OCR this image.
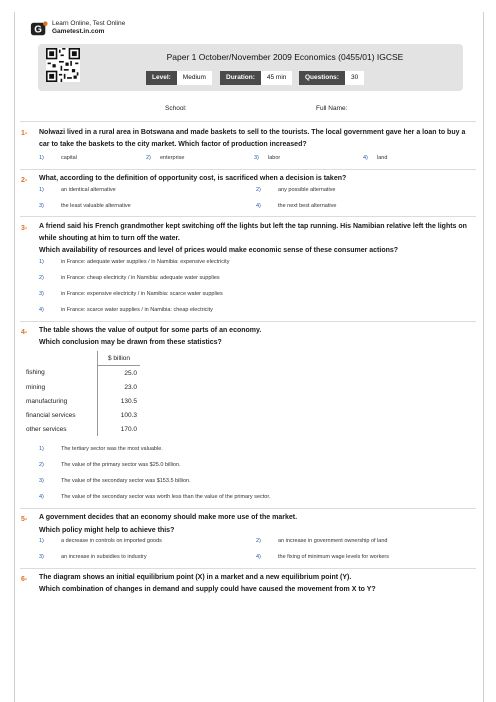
G
Learn Online, Test Online
Gametest.in.com
Paper 1 October/November 2009 Economics (0455/01) IGCSE
Level:	Medium	Duration:	45 min	Questions:	30
School:	Full Name:
1- Nolwazi lived in a rural area in Botswana and made baskets to sell to the tourists. The local government gave her a loan to buy a car to take the baskets to the city market. Which factor of production increased?
1)	capital	2) enterprise	3) labor	4) land
2- What, according to the definition of opportunity cost, is sacrificed when a decision is taken?
1)	an identical alternative	2)	any possible alternative
3)	the least valuable alternative	4)	the next best alternative
3- A friend said his French grandmother kept switching off the lights but left the tap running. His Namibian relative left the lights on while shouting at him to turn off the water.
Which availability of resources and level of prices would make economic sense of these consumer actions?
1)	in France: adequate water supplies / in Namibia: expensive electricity
2)	in France: cheap electricity / in Namibia: adequate water supplies
3)	in France: expensive electricity / in Namibia: scarce water supplies
4)	in France: scarce water supplies / in Namibia: cheap electricity
4- The table shows the value of output for some parts of an economy.
Which conclusion may be drawn from these statistics?
	$ billion
fishing	25.0
mining	23.0
manufacturing	130.5
financial services	100.3
other services	170.0
1)	The tertiary sector was the most valuable.
2)	The value of the primary sector was $25.0 billion.
3)	The value of the secondary sector was $153.5 billion.
4)	The value of the secondary sector was worth less than the value of the primary sector.
5- A government decides that an economy should make more use of the market.
Which policy might help to achieve this?
1)	a decrease in controls on imported goods	2)	an increase in government ownership of land
3)	an increase in subsidies to industry	4)	the fixing of minimum wage levels for workers
6- The diagram shows an initial equilibrium point (X) in a market and a new equilibrium point (Y).
Which combination of changes in demand and supply could have caused the movement from X to Y?
